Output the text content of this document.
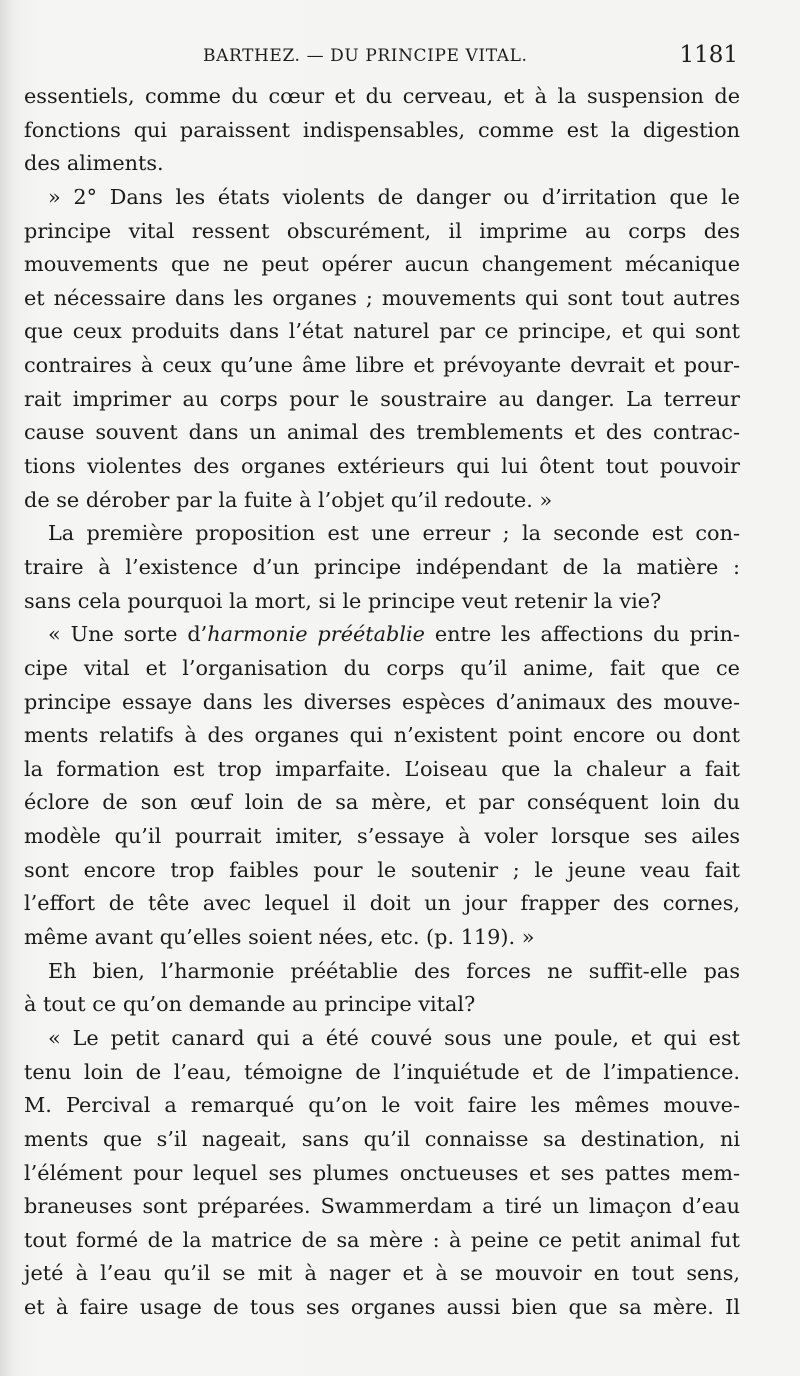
BARTHEZ. — DU PRINCIPE VITAL.	1181
essentiels, comme du cœur et du cerveau, et à la suspension de
fonctions qui paraissent indispensables, comme est la digestion
des aliments.
» 2° Dans les états violents de danger ou d’irritation que le
principe vital ressent obscurément, il imprime au corps des
mouvements que ne peut opérer aucun changement mécanique
et nécessaire dans les organes ; mouvements qui sont tout autres
que ceux produits dans l’état naturel par ce principe, et qui sont
contraires à ceux qu’une âme libre et prévoyante devrait et pour-
rait imprimer au corps pour le soustraire au danger. La terreur
cause souvent dans un animal des tremblements et des contrac-
tions violentes des organes extérieurs qui lui ôtent tout pouvoir
de se dérober par la fuite à l’objet qu’il redoute. »
La première proposition est une erreur ; la seconde est con-
traire à l’existence d’un principe indépendant de la matière :
sans cela pourquoi la mort, si le principe veut retenir la vie?
« Une sorte d’harmonie préétablie entre les affections du prin-
cipe vital et l’organisation du corps qu’il anime, fait que ce
principe essaye dans les diverses espèces d’animaux des mouve-
ments relatifs à des organes qui n’existent point encore ou dont
la formation est trop imparfaite. L’oiseau que la chaleur a fait
éclore de son œuf loin de sa mère, et par conséquent loin du
modèle qu’il pourrait imiter, s’essaye à voler lorsque ses ailes
sont encore trop faibles pour le soutenir ; le jeune veau fait
l’effort de tête avec lequel il doit un jour frapper des cornes,
même avant qu’elles soient nées, etc. (p. 119). »
Eh bien, l’harmonie préétablie des forces ne suffit-elle pas
à tout ce qu’on demande au principe vital?
« Le petit canard qui a été couvé sous une poule, et qui est
tenu loin de l’eau, témoigne de l’inquiétude et de l’impatience.
M. Percival a remarqué qu’on le voit faire les mêmes mouve-
ments que s’il nageait, sans qu’il connaisse sa destination, ni
l’élément pour lequel ses plumes onctueuses et ses pattes mem-
braneuses sont préparées. Swammerdam a tiré un limaçon d’eau
tout formé de la matrice de sa mère : à peine ce petit animal fut
jeté à l’eau qu’il se mit à nager et à se mouvoir en tout sens,
et à faire usage de tous ses organes aussi bien que sa mère. Il
